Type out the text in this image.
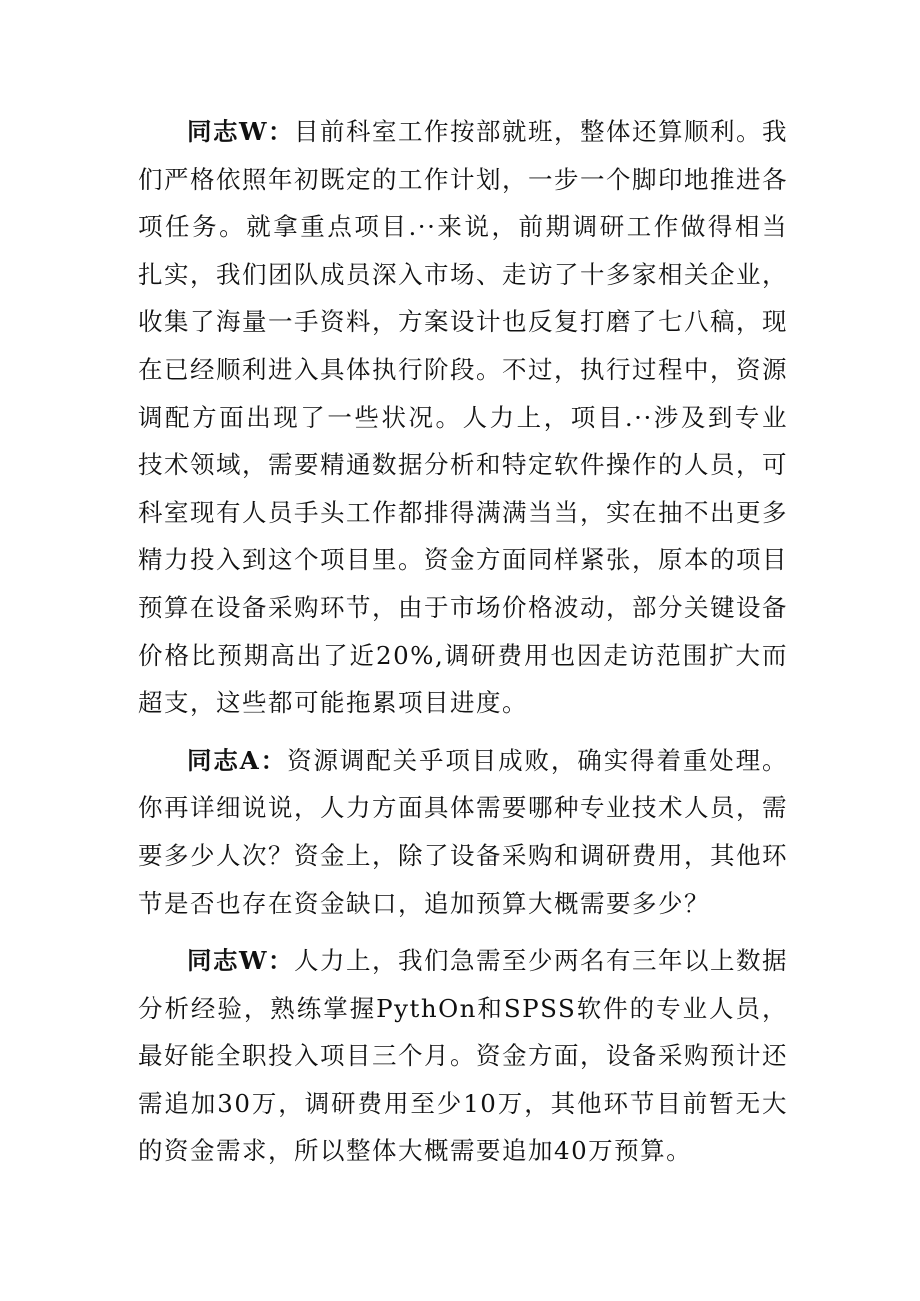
同志W：目前科室工作按部就班，整体还算顺利。我们严格依照年初既定的工作计划，一步一个脚印地推进各项任务。就拿重点项目.··来说，前期调研工作做得相当扎实，我们团队成员深入市场、走访了十多家相关企业，收集了海量一手资料，方案设计也反复打磨了七八稿，现在已经顺利进入具体执行阶段。不过，执行过程中，资源调配方面出现了一些状况。人力上，项目.··涉及到专业技术领域，需要精通数据分析和特定软件操作的人员，可科室现有人员手头工作都排得满满当当，实在抽不出更多精力投入到这个项目里。资金方面同样紧张，原本的项目预算在设备采购环节，由于市场价格波动，部分关键设备价格比预期高出了近20%,调研费用也因走访范围扩大而超支，这些都可能拖累项目进度。

同志A：资源调配关乎项目成败，确实得着重处理。你再详细说说，人力方面具体需要哪种专业技术人员，需要多少人次？资金上，除了设备采购和调研费用，其他环节是否也存在资金缺口，追加预算大概需要多少？

同志W：人力上，我们急需至少两名有三年以上数据分析经验，熟练掌握PythOn和SPSS软件的专业人员，最好能全职投入项目三个月。资金方面，设备采购预计还需追加30万，调研费用至少10万，其他环节目前暂无大的资金需求，所以整体大概需要追加40万预算。
